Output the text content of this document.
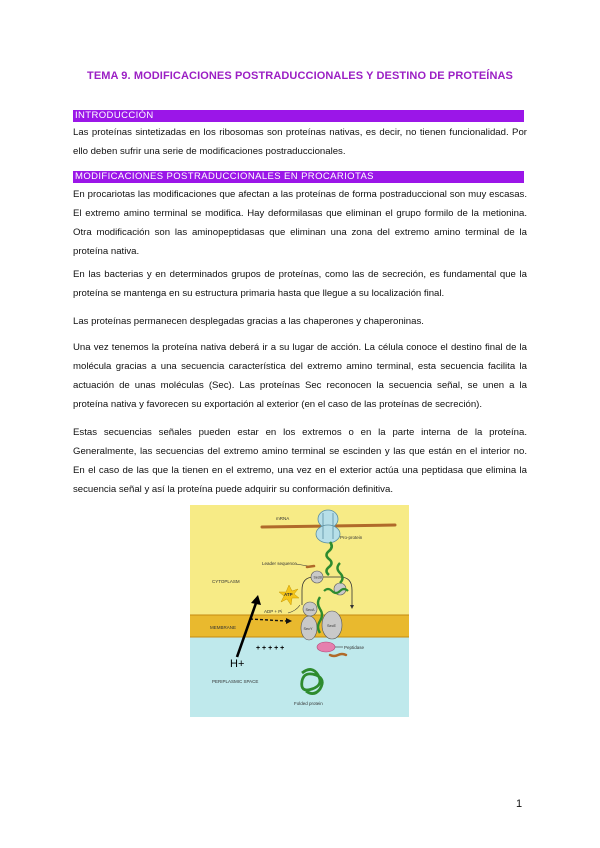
TEMA 9. MODIFICACIONES POSTRADUCCIONALES Y DESTINO DE PROTEÍNAS
INTRODUCCIÓN

Las proteínas sintetizadas en los ribosomas son proteínas nativas, es decir, no tienen funcionalidad. Por ello deben sufrir una serie de modificaciones postraduccionales.

MODIFICACIONES POSTRADUCCIONALES EN PROCARIOTAS

En procariotas las modificaciones que afectan a las proteínas de forma postraduccional son muy escasas. El extremo amino terminal se modifica. Hay deformilasas que eliminan el grupo formilo de la metionina. Otra modificación son las aminopeptidasas que eliminan una zona del extremo amino terminal de la proteína nativa.

En las bacterias y en determinados grupos de proteínas, como las de secreción, es fundamental que la proteína se mantenga en su estructura primaria hasta que llegue a su localización final.

Las proteínas permanecen desplegadas gracias a las chaperones y chaperoninas.

Una vez tenemos la proteína nativa deberá ir a su lugar de acción. La célula conoce el destino final de la molécula gracias a una secuencia característica del extremo amino terminal, esta secuencia facilita la actuación de unas moléculas (Sec). Las proteínas Sec reconocen la secuencia señal, se unen a la proteína nativa y favorecen su exportación al exterior (en el caso de las proteínas de secreción).

Estas secuencias señales pueden estar en los extremos o en la parte interna de la proteína. Generalmente, las secuencias del extremo amino terminal se escinden y las que están en el interior no. En el caso de las que la tienen en el extremo, una vez en el exterior actúa una peptidasa que elimina la secuencia señal y así la proteína puede adquirir su conformación definitiva.

mRNA
Pro-protein
Leader sequence
CYTOPLASM
SecB
ATP
ADP + Pi
MEMBRANE
SecA
SecY
SecE
Peptidase
H+
+ + + + +
PERIPLASMIC SPACE
Folded protein
1
